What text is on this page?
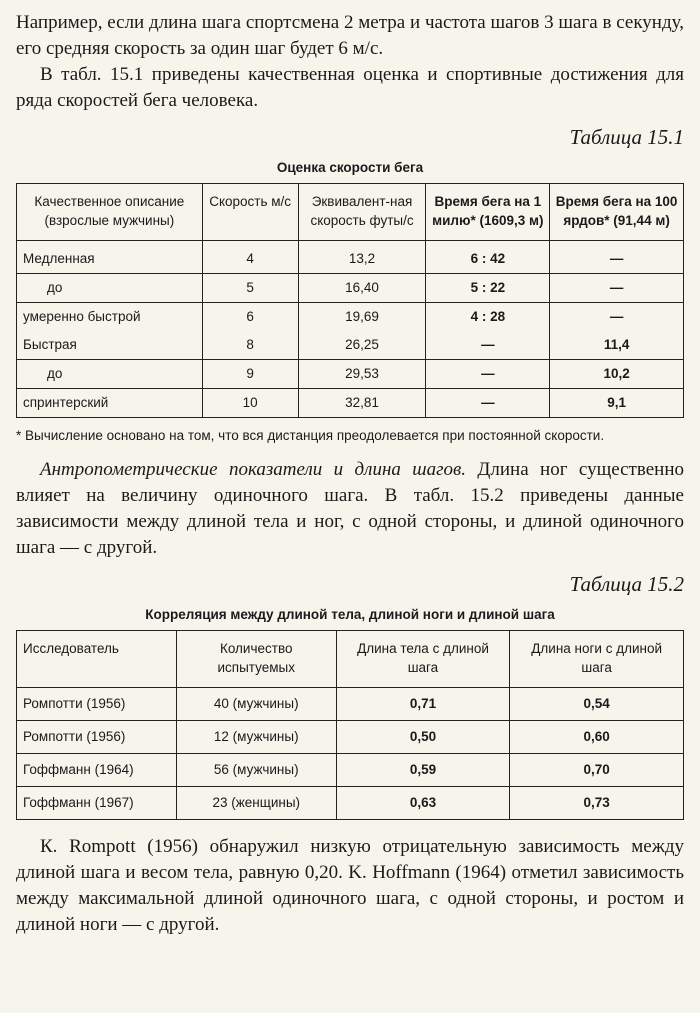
Например, если длина шага спортсмена 2 метра и частота шагов 3 шага в секунду, его средняя скорость за один шаг будет 6 м/с.

В табл. 15.1 приведены качественная оценка и спортивные достижения для ряда скоростей бега человека.

Таблица 15.1

Оценка скорости бега
Качественное описание (взрослые мужчины)	Скорость м/с	Эквивалент-ная скорость футы/с	Время бега на 1 милю* (1609,3 м)	Время бега на 100 ярдов* (91,44 м)
Медленная	4	13,2	6 : 42	—
до	5	16,40	5 : 22	—
умеренно быстрой	6	19,69	4 : 28	—
Быстрая	8	26,25	—	11,4
до	9	29,53	—	10,2
спринтерский	10	32,81	—	9,1
* Вычисление основано на том, что вся дистанция преодолевается при постоянной скорости.

Антропометрические показатели и длина шагов. Длина ног существенно влияет на величину одиночного шага. В табл. 15.2 приведены данные зависимости между длиной тела и ног, с одной стороны, и длиной одиночного шага — с другой.

Таблица 15.2

Корреляция между длиной тела, длиной ноги и длиной шага
Исследователь	Количество испытуемых	Длина тела с длиной шага	Длина ноги с длиной шага
Ромпотти (1956)	40 (мужчины)	0,71	0,54
Ромпотти (1956)	12 (мужчины)	0,50	0,60
Гоффманн (1964)	56 (мужчины)	0,59	0,70
Гоффманн (1967)	23 (женщины)	0,63	0,73

К. Rompott (1956) обнаружил низкую отрицательную зависимость между длиной шага и весом тела, равную 0,20. K. Hoffmann (1964) отметил зависимость между максимальной длиной одиночного шага, с одной стороны, и ростом и длиной ноги — с другой.
